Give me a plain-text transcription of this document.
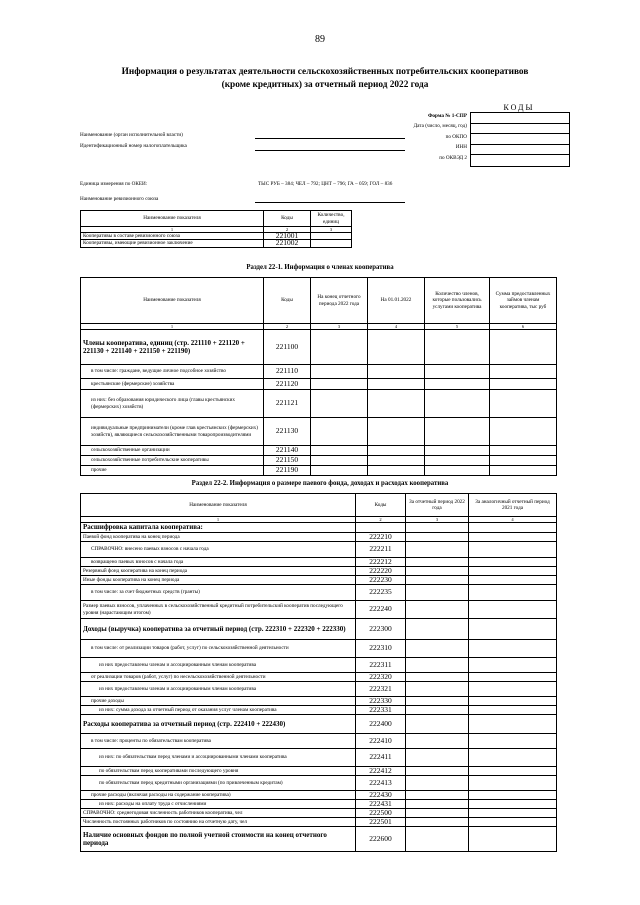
89
Информация о результатах деятельности сельскохозяйственных потребительских кооперативов
(кроме кредитных) за отчетный период 2022 года
КОДЫ
Форма № 1-СПР
Дата (число, месяц, год)
по ОКПО
ИНН
по ОКВЭД 2
Наименование (орган исполнительной власти)
Идентификационный номер налогоплательщика
Единица измерения по ОКЕИ:	ТЫС РУБ – 384; ЧЕЛ – 792; ЦНТ – 796; ГА – 059; ГОЛ – 836
Наименование ревизионного союза
Наименование показателя	Коды	Количество, единиц
1	2	3
Кооперативы в составе ревизионного союза	221001	
Кооперативы, имеющие ревизионное заключение	221002	
Раздел 22-1. Информация о членах кооператива
Наименование показателя	Коды	На конец отчетного периода 2022 года	На 01.01.2022	Количество членов, которые пользовались услугами кооператива	Сумма предоставленных займов членам кооператива, тыс руб
1	2	3	4	5	6
Члены кооператива, единиц (стр. 221110 + 221120 + 221130 + 221140 + 221150 + 221190)	221100				
в том числе: граждане, ведущие личное подсобное хозяйство	221110				
крестьянские (фермерские) хозяйства	221120				
из них: без образования юридического лица (главы крестьянских (фермерских) хозяйств)	221121				
индивидуальные предприниматели (кроме глав крестьянских (фермерских) хозяйств), являющиеся сельскохозяйственными товаропроизводителями	221130				
сельскохозяйственные организации	221140				
сельскохозяйственные потребительские кооперативы	221150				
прочие	221190				
Раздел 22-2. Информация о размере паевого фонда, доходах и расходах кооператива
Наименование показателя	Коды	За отчетный период 2022 года	За аналогичный отчетный период 2021 года
1	2	3	4
Расшифровка капитала кооператива:			
Паевой фонд кооператива на конец периода	222210		
СПРАВОЧНО: внесено паевых взносов с начала года	222211		
возвращено паевых взносов с начала года	222212		
Резервный фонд кооператива на конец периода	222220		
Иные фонды кооператива на конец периода	222230		
в том числе: за счет бюджетных средств (гранты)	222235		
Размер паевых взносов, уплаченных в сельскохозяйственный кредитный потребительский кооператив последующего уровня (нарастающим итогом)	222240		
Доходы (выручка) кооператива за отчетный период (стр. 222310 + 222320 + 222330)	222300		
в том числе: от реализации товаров (работ, услуг) по сельскохозяйственной деятельности	222310		
из них предоставлены членам и ассоциированным членам кооператива	222311		
от реализации товаров (работ, услуг) по несельскохозяйственной деятельности	222320		
из них предоставлены членам и ассоциированным членам кооператива	222321		
прочие доходы	222330		
из них: сумма дохода за отчетный период от оказания услуг членам кооператива	222331		
Расходы кооператива за отчетный период (стр. 222410 + 222430)	222400		
в том числе: проценты по обязательствам кооператива	222410		
из них: по обязательствам перед членами и ассоциированными членами кооператива	222411		
по обязательствам перед кооперативами последующего уровня	222412		
по обязательствам перед кредитными организациями (по привлеченным кредитам)	222413		
прочие расходы (включая расходы на содержание кооператива)	222430		
из них: расходы на оплату труда с отчислениями	222431		
СПРАВОЧНО: среднегодовая численность работников кооператива, чел	222500		
Численность постоянных работников по состоянию на отчетную дату, чел	222501		
Наличие основных фондов по полной учетной стоимости на конец отчетного периода	222600		
